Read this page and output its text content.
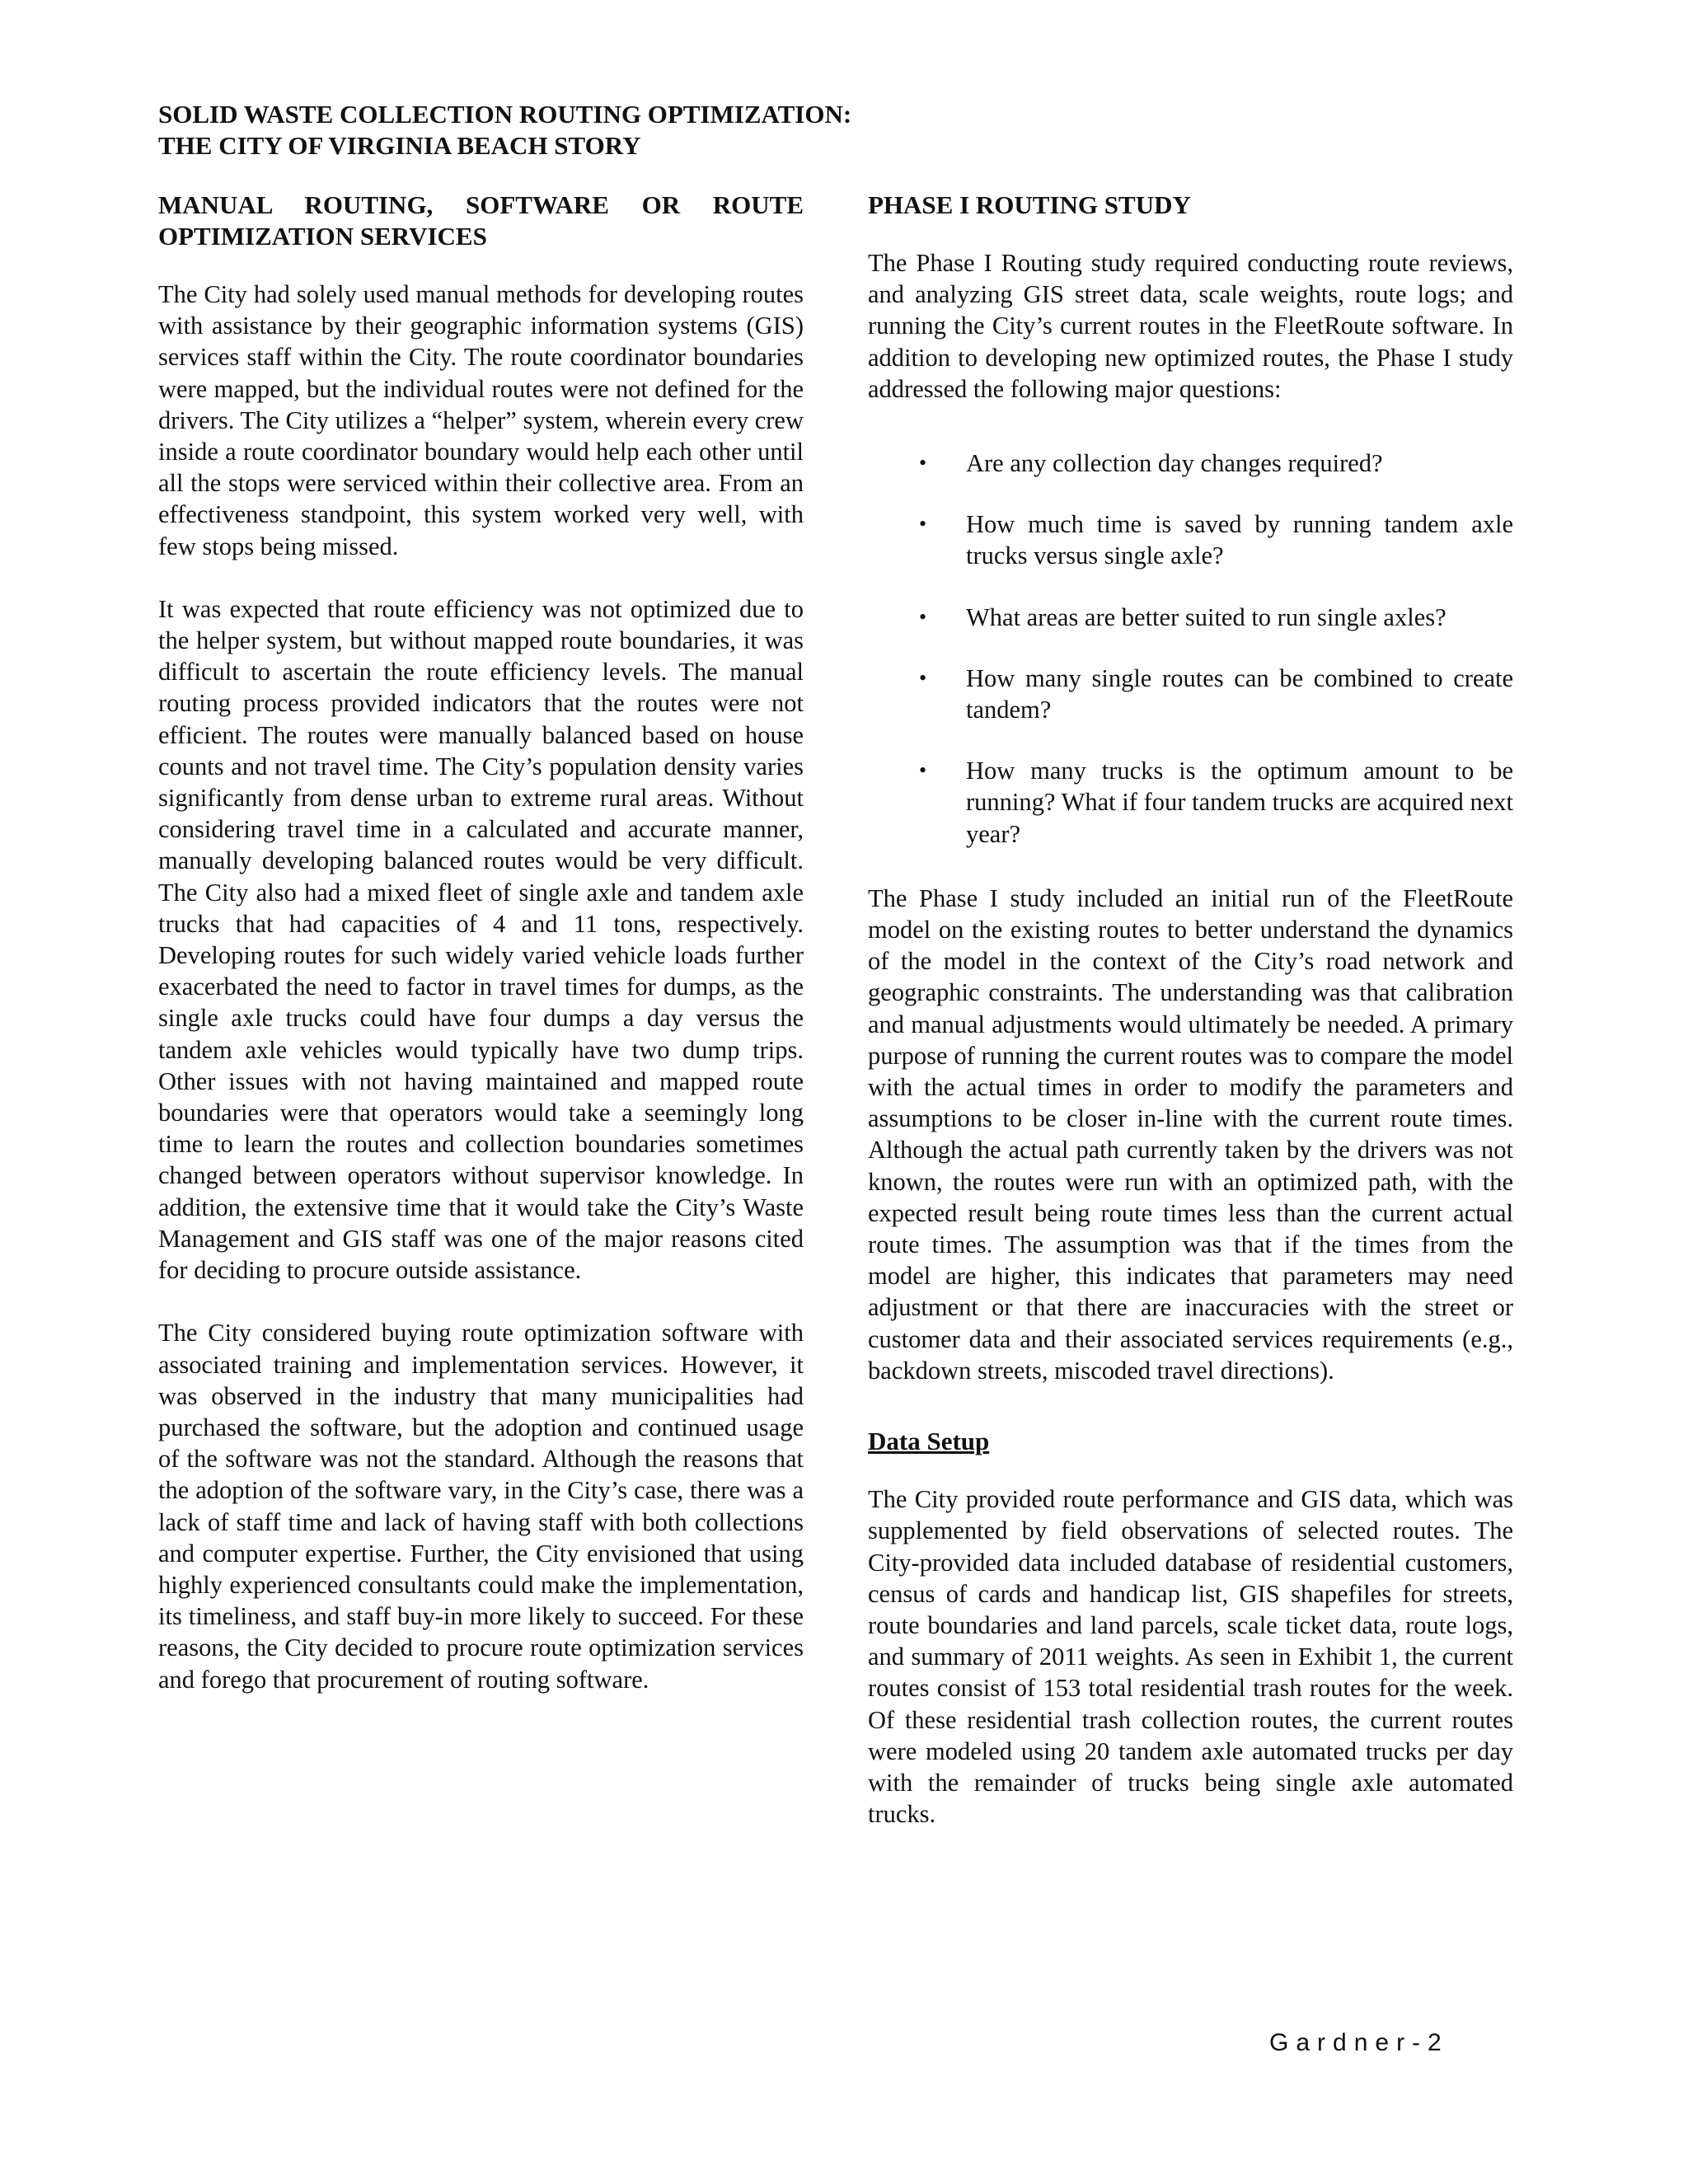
SOLID WASTE COLLECTION ROUTING OPTIMIZATION:
THE CITY OF VIRGINIA BEACH STORY
MANUAL ROUTING, SOFTWARE OR ROUTE OPTIMIZATION SERVICES

The City had solely used manual methods for developing routes with assistance by their geographic information systems (GIS) services staff within the City. The route coordinator boundaries were mapped, but the individual routes were not defined for the drivers. The City utilizes a “helper” system, wherein every crew inside a route coordinator boundary would help each other until all the stops were serviced within their collective area. From an effectiveness standpoint, this system worked very well, with few stops being missed.

It was expected that route efficiency was not optimized due to the helper system, but without mapped route boundaries, it was difficult to ascertain the route efficiency levels. The manual routing process provided indicators that the routes were not efficient. The routes were manually balanced based on house counts and not travel time. The City’s population density varies significantly from dense urban to extreme rural areas. Without considering travel time in a calculated and accurate manner, manually developing balanced routes would be very difficult. The City also had a mixed fleet of single axle and tandem axle trucks that had capacities of 4 and 11 tons, respectively. Developing routes for such widely varied vehicle loads further exacerbated the need to factor in travel times for dumps, as the single axle trucks could have four dumps a day versus the tandem axle vehicles would typically have two dump trips. Other issues with not having maintained and mapped route boundaries were that operators would take a seemingly long time to learn the routes and collection boundaries sometimes changed between operators without supervisor knowledge. In addition, the extensive time that it would take the City’s Waste Management and GIS staff was one of the major reasons cited for deciding to procure outside assistance.

The City considered buying route optimization software with associated training and implementation services. However, it was observed in the industry that many municipalities had purchased the software, but the adoption and continued usage of the software was not the standard. Although the reasons that the adoption of the software vary, in the City’s case, there was a lack of staff time and lack of having staff with both collections and computer expertise. Further, the City envisioned that using highly experienced consultants could make the implementation, its timeliness, and staff buy-in more likely to succeed. For these reasons, the City decided to procure route optimization services and forego that procurement of routing software.

PHASE I ROUTING STUDY

The Phase I Routing study required conducting route reviews, and analyzing GIS street data, scale weights, route logs; and running the City’s current routes in the FleetRoute software. In addition to developing new optimized routes, the Phase I study addressed the following major questions:

• Are any collection day changes required?
• How much time is saved by running tandem axle trucks versus single axle?
• What areas are better suited to run single axles?
• How many single routes can be combined to create tandem?
• How many trucks is the optimum amount to be running? What if four tandem trucks are acquired next year?

The Phase I study included an initial run of the FleetRoute model on the existing routes to better understand the dynamics of the model in the context of the City’s road network and geographic constraints. The understanding was that calibration and manual adjustments would ultimately be needed. A primary purpose of running the current routes was to compare the model with the actual times in order to modify the parameters and assumptions to be closer in-line with the current route times. Although the actual path currently taken by the drivers was not known, the routes were run with an optimized path, with the expected result being route times less than the current actual route times. The assumption was that if the times from the model are higher, this indicates that parameters may need adjustment or that there are inaccuracies with the street or customer data and their associated services requirements (e.g., backdown streets, miscoded travel directions).

Data Setup

The City provided route performance and GIS data, which was supplemented by field observations of selected routes. The City-provided data included database of residential customers, census of cards and handicap list, GIS shapefiles for streets, route boundaries and land parcels, scale ticket data, route logs, and summary of 2011 weights. As seen in Exhibit 1, the current routes consist of 153 total residential trash routes for the week. Of these residential trash collection routes, the current routes were modeled using 20 tandem axle automated trucks per day with the remainder of trucks being single axle automated trucks.

Gardner-2
